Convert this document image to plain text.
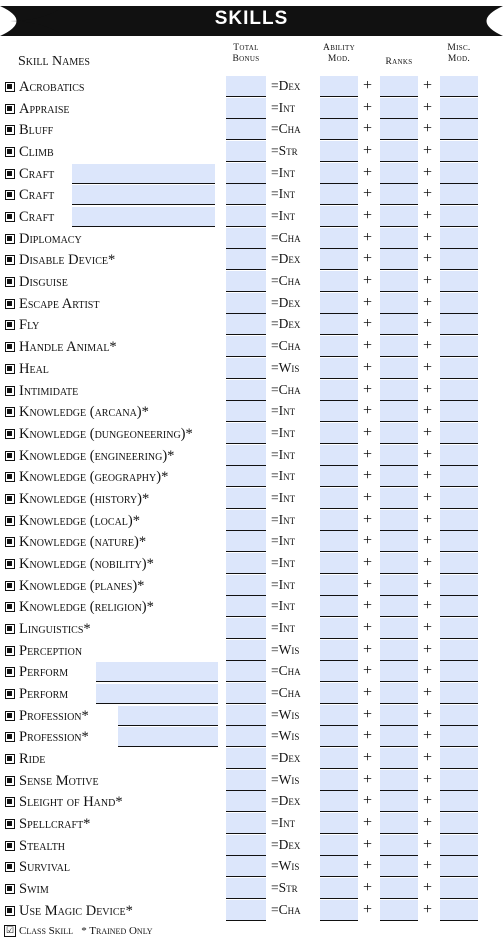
SKILLS
Skill Names
Total
Bonus
Ability
Mod.	Ranks
Misc.
Mod.
Acrobatics	=Dex	+	+
Appraise	=Int	+	+
Bluff	=Cha	+	+
Climb	=Str	+	+
Craft	=Int	+	+
Craft	=Int	+	+
Craft	=Int	+	+
Diplomacy	=Cha	+	+
Disable Device*	=Dex	+	+
Disguise	=Cha	+	+
Escape Artist	=Dex	+	+
Fly	=Dex	+	+
Handle Animal*	=Cha	+	+
Heal	=Wis	+	+
Intimidate	=Cha	+	+
Knowledge (arcana)*	=Int	+	+
Knowledge (dungeoneering)*	=Int	+	+
Knowledge (engineering)*	=Int	+	+
Knowledge (geography)*	=Int	+	+
Knowledge (history)*	=Int	+	+
Knowledge (local)*	=Int	+	+
Knowledge (nature)*	=Int	+	+
Knowledge (nobility)*	=Int	+	+
Knowledge (planes)*	=Int	+	+
Knowledge (religion)*	=Int	+	+
Linguistics*	=Int	+	+
Perception	=Wis	+	+
Perform	=Cha	+	+
Perform	=Cha	+	+
Profession*	=Wis	+	+
Profession*	=Wis	+	+
Ride	=Dex	+	+
Sense Motive	=Wis	+	+
Sleight of Hand*	=Dex	+	+
Spellcraft*	=Int	+	+
Stealth	=Dex	+	+
Survival	=Wis	+	+
Swim	=Str	+	+
Use Magic Device*	=Cha	+	+
☑ Class Skill * Trained Only
